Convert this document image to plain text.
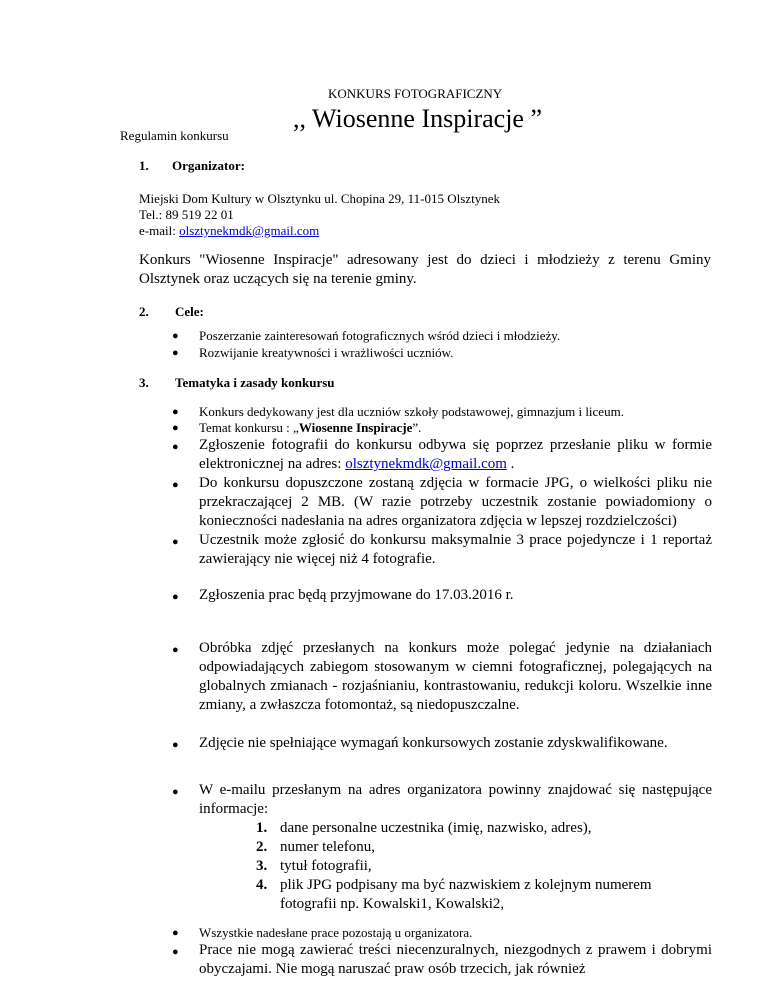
KONKURS FOTOGRAFICZNY
,, Wiosenne Inspiracje ”
Regulamin konkursu
1. Organizator:
Miejski Dom Kultury w Olsztynku ul. Chopina 29, 11-015 Olsztynek
Tel.: 89 519 22 01
e-mail: olsztynekmdk@gmail.com
Konkurs "Wiosenne Inspiracje" adresowany jest do dzieci i młodzieży z terenu Gminy Olsztynek oraz uczących się na terenie gminy.
2. Cele:
● Poszerzanie zainteresowań fotograficznych wśród dzieci i młodzieży.
● Rozwijanie kreatywności i wrażliwości uczniów.
3. Tematyka i zasady konkursu
● Konkurs dedykowany jest dla uczniów szkoły podstawowej, gimnazjum i liceum.
● Temat konkursu : „Wiosenne Inspiracje”.
● Zgłoszenie fotografii do konkursu odbywa się poprzez przesłanie pliku w formie elektronicznej na adres: olsztynekmdk@gmail.com .
● Do konkursu dopuszczone zostaną zdjęcia w formacie JPG, o wielkości pliku nie przekraczającej 2 MB. (W razie potrzeby uczestnik zostanie powiadomiony o konieczności nadesłania na adres organizatora zdjęcia w lepszej rozdzielczości)
● Uczestnik może zgłosić do konkursu maksymalnie 3 prace pojedyncze i 1 reportaż zawierający nie więcej niż 4 fotografie.
● Zgłoszenia prac będą przyjmowane do 17.03.2016 r.
● Obróbka zdjęć przesłanych na konkurs może polegać jedynie na działaniach odpowiadających zabiegom stosowanym w ciemni fotograficznej, polegających na globalnych zmianach - rozjaśnianiu, kontrastowaniu, redukcji koloru. Wszelkie inne zmiany, a zwłaszcza fotomontaż, są niedopuszczalne.
● Zdjęcie nie spełniające wymagań konkursowych zostanie zdyskwalifikowane.
● W e-mailu przesłanym na adres organizatora powinny znajdować się następujące informacje:
1. dane personalne uczestnika (imię, nazwisko, adres),
2. numer telefonu,
3. tytuł fotografii,
4. plik JPG podpisany ma być nazwiskiem z kolejnym numerem fotografii np. Kowalski1, Kowalski2,
● Wszystkie nadesłane prace pozostają u organizatora.
● Prace nie mogą zawierać treści niecenzuralnych, niezgodnych z prawem i dobrymi obyczajami. Nie mogą naruszać praw osób trzecich, jak również
